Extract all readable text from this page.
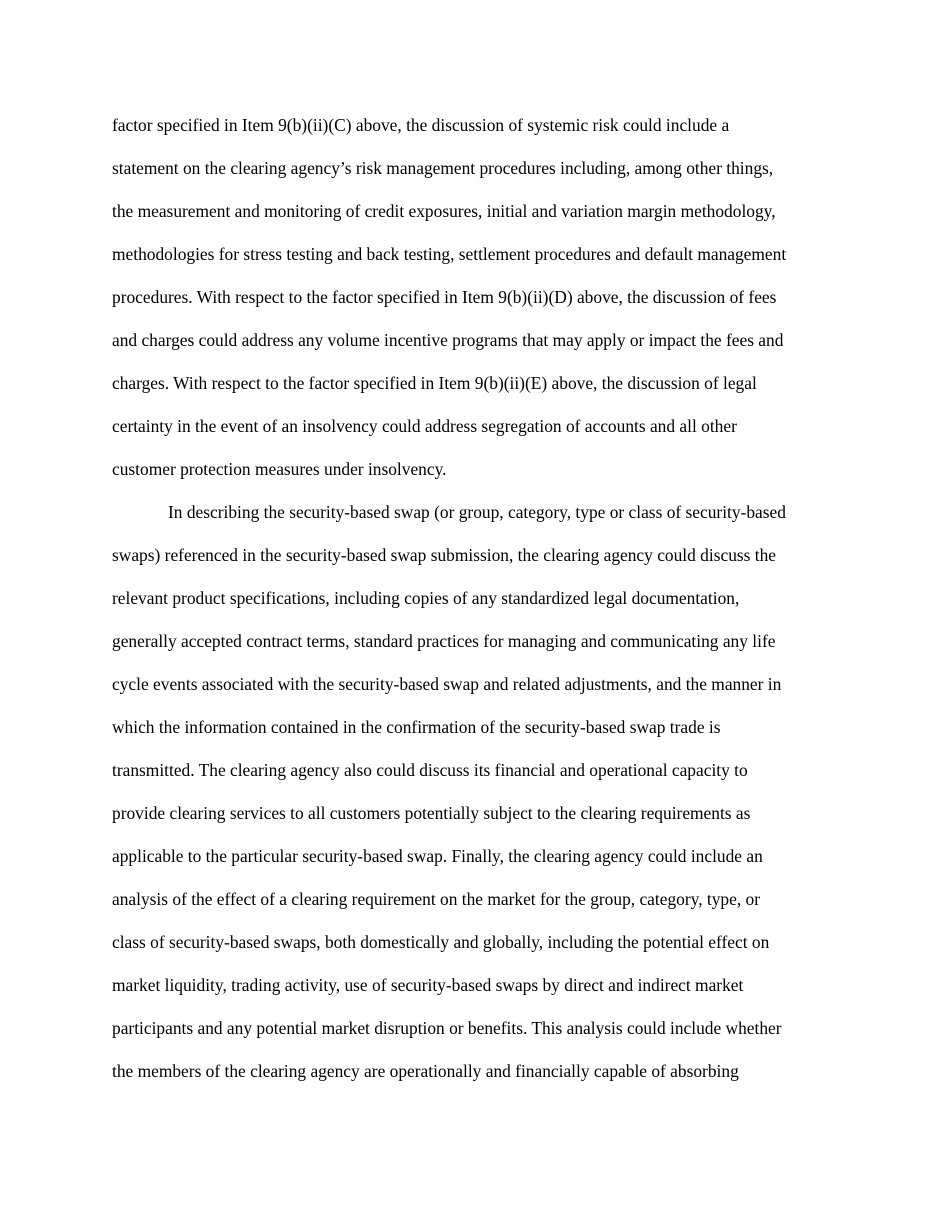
factor specified in Item 9(b)(ii)(C) above, the discussion of systemic risk could include a
statement on the clearing agency’s risk management procedures including, among other things,
the measurement and monitoring of credit exposures, initial and variation margin methodology,
methodologies for stress testing and back testing, settlement procedures and default management
procedures. With respect to the factor specified in Item 9(b)(ii)(D) above, the discussion of fees
and charges could address any volume incentive programs that may apply or impact the fees and
charges. With respect to the factor specified in Item 9(b)(ii)(E) above, the discussion of legal
certainty in the event of an insolvency could address segregation of accounts and all other
customer protection measures under insolvency.
In describing the security-based swap (or group, category, type or class of security-based
swaps) referenced in the security-based swap submission, the clearing agency could discuss the
relevant product specifications, including copies of any standardized legal documentation,
generally accepted contract terms, standard practices for managing and communicating any life
cycle events associated with the security-based swap and related adjustments, and the manner in
which the information contained in the confirmation of the security-based swap trade is
transmitted. The clearing agency also could discuss its financial and operational capacity to
provide clearing services to all customers potentially subject to the clearing requirements as
applicable to the particular security-based swap. Finally, the clearing agency could include an
analysis of the effect of a clearing requirement on the market for the group, category, type, or
class of security-based swaps, both domestically and globally, including the potential effect on
market liquidity, trading activity, use of security-based swaps by direct and indirect market
participants and any potential market disruption or benefits. This analysis could include whether
the members of the clearing agency are operationally and financially capable of absorbing
